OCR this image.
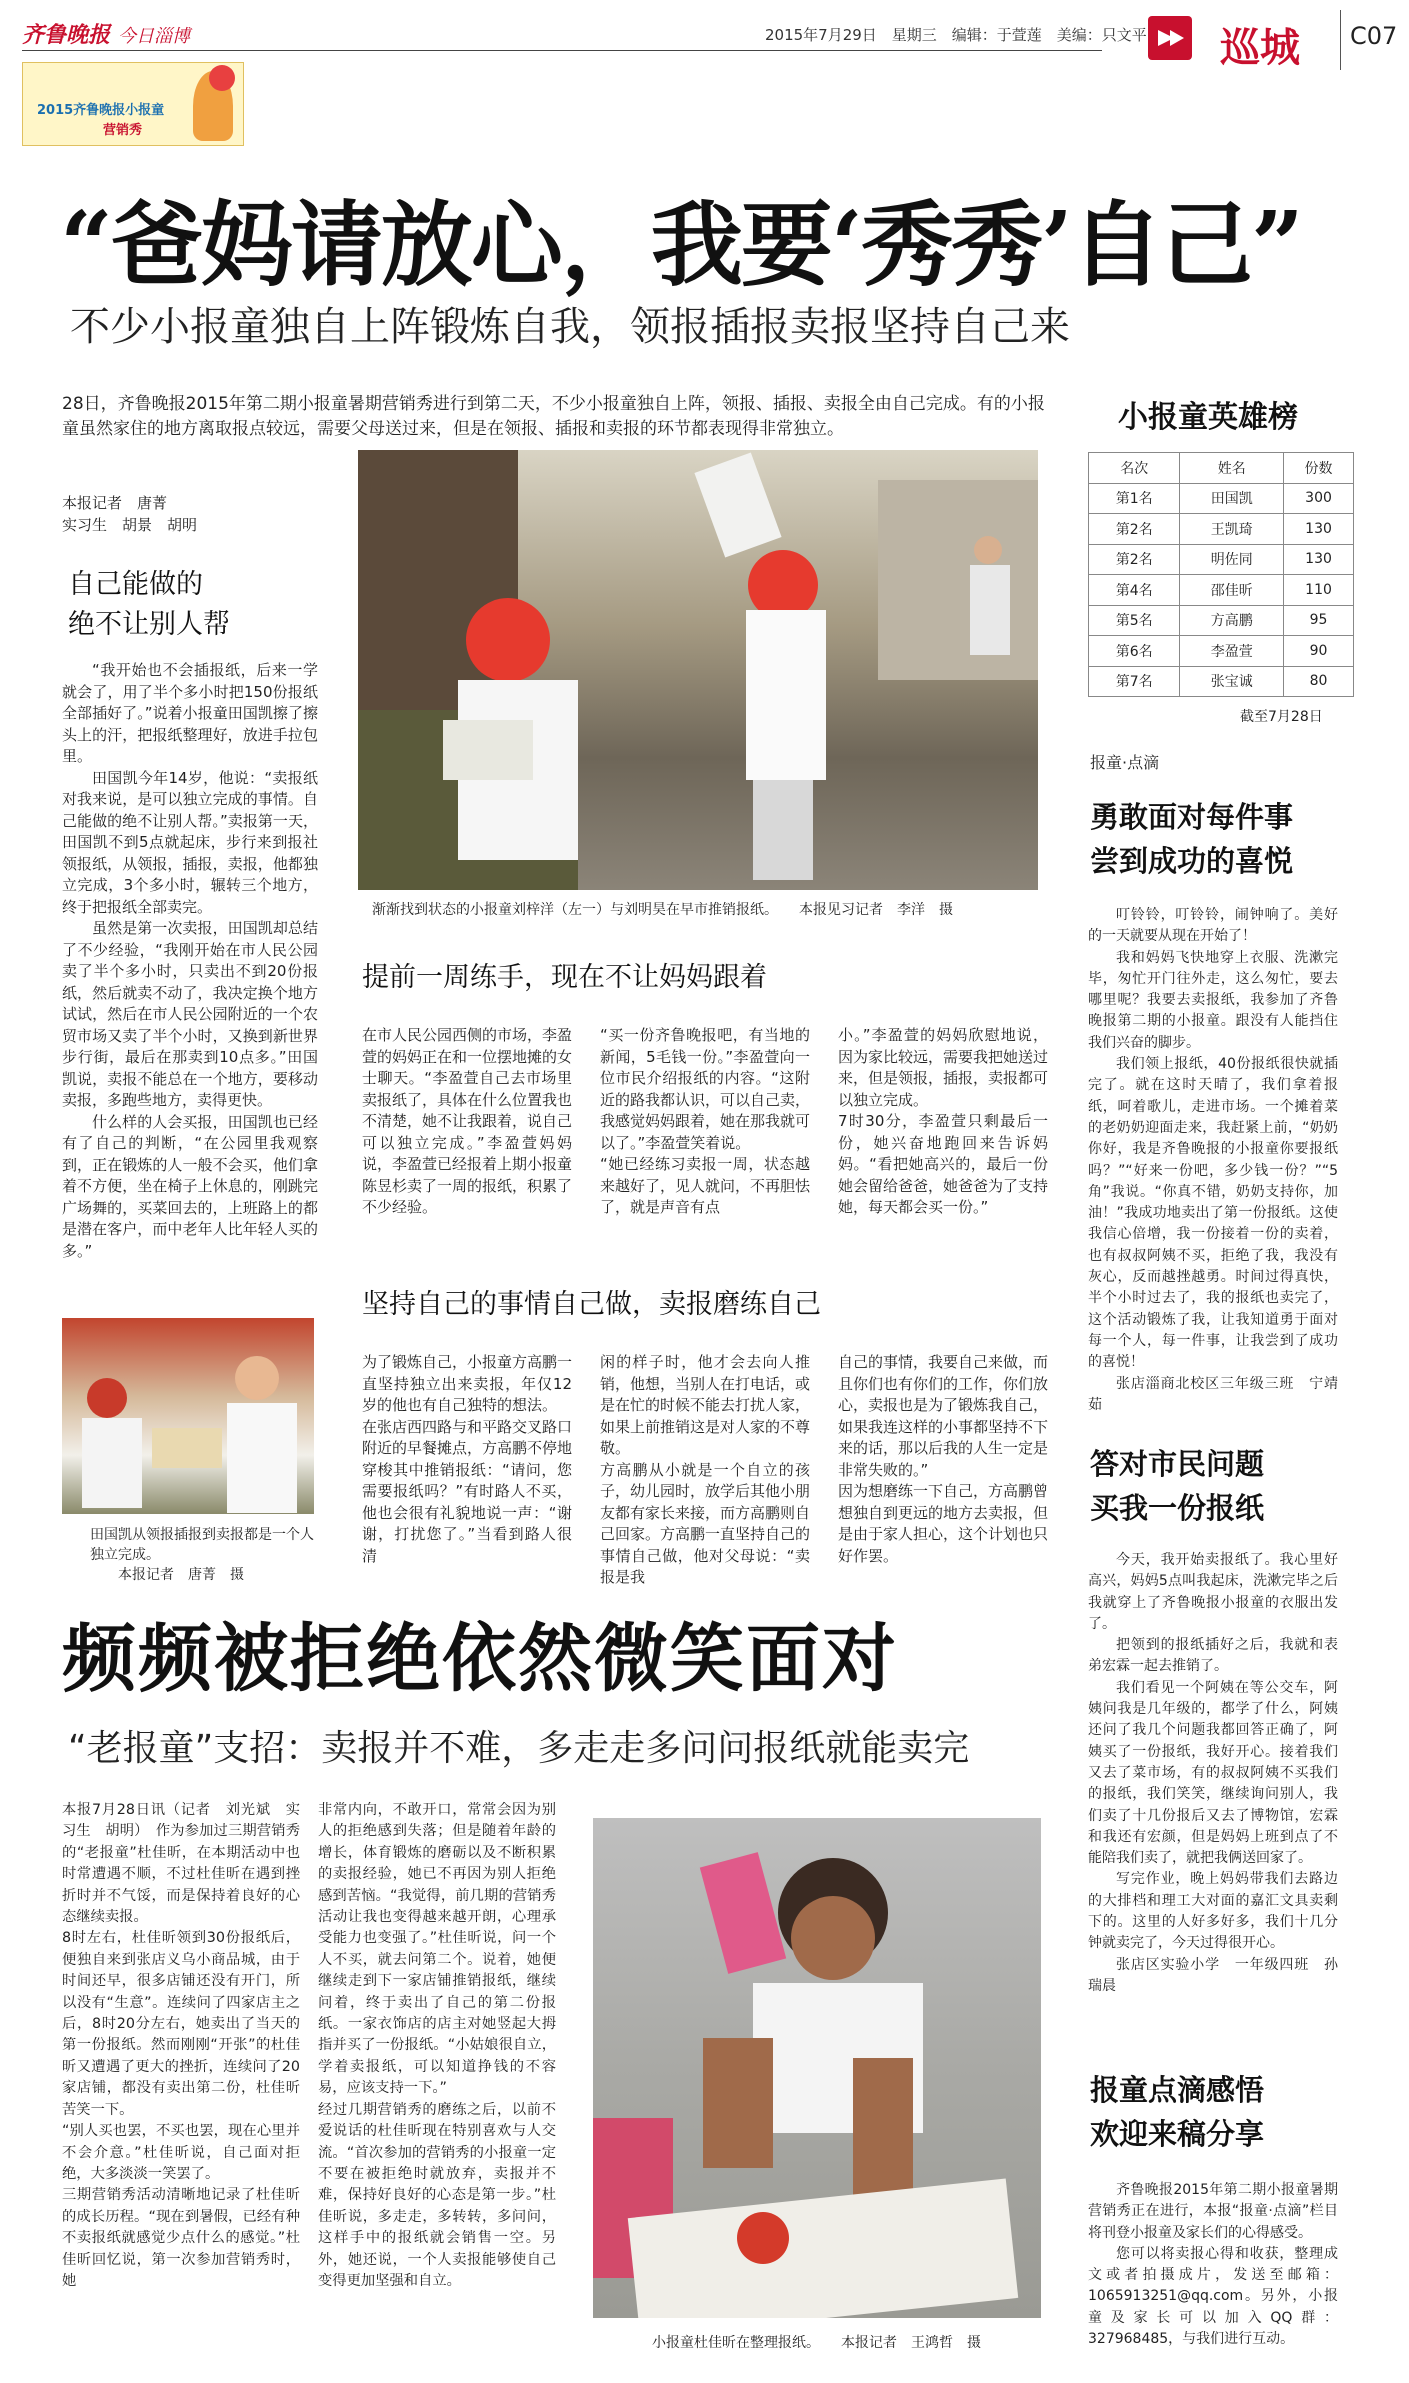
齐鲁晚报 今日淄博	2015年7月29日　星期三　编辑：于萱莲　美编：只文平 巡城 C07
2015齐鲁晚报小报童
营销秀
“爸妈请放心，我要‘秀秀’自己”
不少小报童独自上阵锻炼自我，领报插报卖报坚持自己来
28日，齐鲁晚报2015年第二期小报童暑期营销秀进行到第二天，不少小报童独自上阵，领报、插报、卖报全由自己完成。有的小报童虽然家住的地方离取报点较远，需要父母送过来，但是在领报、插报和卖报的环节都表现得非常独立。
本报记者　唐菁
实习生　胡景　胡明
自己能做的
绝不让别人帮

“我开始也不会插报纸，后来一学就会了，用了半个多小时把150份报纸全部插好了。”说着小报童田国凯擦了擦头上的汗，把报纸整理好，放进手拉包里。

田国凯今年14岁，他说：“卖报纸对我来说，是可以独立完成的事情。自己能做的绝不让别人帮。”卖报第一天，田国凯不到5点就起床，步行来到报社领报纸，从领报，插报，卖报，他都独立完成，3个多小时，辗转三个地方，终于把报纸全部卖完。

虽然是第一次卖报，田国凯却总结了不少经验，“我刚开始在市人民公园卖了半个多小时，只卖出不到20份报纸，然后就卖不动了，我决定换个地方试试，然后在市人民公园附近的一个农贸市场又卖了半个小时，又换到新世界步行街，最后在那卖到10点多。”田国凯说，卖报不能总在一个地方，要移动卖报，多跑些地方，卖得更快。

什么样的人会买报，田国凯也已经有了自己的判断，“在公园里我观察到，正在锻炼的人一般不会买，他们拿着不方便，坐在椅子上休息的，刚跳完广场舞的，买菜回去的，上班路上的都是潜在客户，而中老年人比年轻人买的多。”

田国凯从领报插报到卖报都是一个人独立完成。
　　本报记者　唐菁　摄
渐渐找到状态的小报童刘梓洋（左一）与刘明昊在早市推销报纸。　　本报见习记者　李洋　摄
提前一周练手，现在不让妈妈跟着
在市人民公园西侧的市场，李盈萱的妈妈正在和一位摆地摊的女士聊天。“李盈萱自己去市场里卖报纸了，具体在什么位置我也不清楚，她不让我跟着，说自己可以独立完成。”李盈萱妈妈说，李盈萱已经报着上期小报童陈昱杉卖了一周的报纸，积累了不少经验。
“买一份齐鲁晚报吧，有当地的新闻，5毛钱一份。”李盈萱向一位市民介绍报纸的内容。“这附近的路我都认识，可以自己卖，我感觉妈妈跟着，她在那我就可以了。”李盈萱笑着说。
“她已经练习卖报一周，状态越来越好了，见人就问，不再胆怯了，就是声音有点
小。”李盈萱的妈妈欣慰地说，因为家比较远，需要我把她送过来，但是领报，插报，卖报都可以独立完成。
7时30分，李盈萱只剩最后一份，她兴奋地跑回来告诉妈妈。“看把她高兴的，最后一份她会留给爸爸，她爸爸为了支持她，每天都会买一份。”
坚持自己的事情自己做，卖报磨练自己
为了锻炼自己，小报童方高鹏一直坚持独立出来卖报，年仅12岁的他也有自己独特的想法。
在张店西四路与和平路交叉路口附近的早餐摊点，方高鹏不停地穿梭其中推销报纸：“请问，您需要报纸吗？”有时路人不买，他也会很有礼貌地说一声：“谢谢，打扰您了。”当看到路人很清
闲的样子时，他才会去向人推销，他想，当别人在打电话，或是在忙的时候不能去打扰人家，如果上前推销这是对人家的不尊敬。
方高鹏从小就是一个自立的孩子，幼儿园时，放学后其他小朋友都有家长来接，而方高鹏则自己回家。方高鹏一直坚持自己的事情自己做，他对父母说：“卖报是我
自己的事情，我要自己来做，而且你们也有你们的工作，你们放心，卖报也是为了锻炼我自己，如果我连这样的小事都坚持不下来的话，那以后我的人生一定是非常失败的。”
因为想磨练一下自己，方高鹏曾想独自到更远的地方去卖报，但是由于家人担心，这个计划也只好作罢。
频频被拒绝依然微笑面对
“老报童”支招：卖报并不难，多走走多问问报纸就能卖完
本报7月28日讯（记者　刘光斌　实习生　胡明）　作为参加过三期营销秀的“老报童”杜佳昕，在本期活动中也时常遭遇不顺，不过杜佳昕在遇到挫折时并不气馁，而是保持着良好的心态继续卖报。
8时左右，杜佳昕领到30份报纸后，便独自来到张店义乌小商品城，由于时间还早，很多店铺还没有开门，所以没有“生意”。连续问了四家店主之后，8时20分左右，她卖出了当天的第一份报纸。然而刚刚“开张”的杜佳昕又遭遇了更大的挫折，连续问了20家店铺，都没有卖出第二份，杜佳昕苦笑一下。
“别人买也罢，不买也罢，现在心里并不会介意。”杜佳昕说，自己面对拒绝，大多淡淡一笑罢了。
三期营销秀活动清晰地记录了杜佳昕的成长历程。“现在到暑假，已经有种不卖报纸就感觉少点什么的感觉。”杜佳昕回忆说，第一次参加营销秀时，她
非常内向，不敢开口，常常会因为别人的拒绝感到失落；但是随着年龄的增长，体育锻炼的磨砺以及不断积累的卖报经验，她已不再因为别人拒绝感到苦恼。“我觉得，前几期的营销秀活动让我也变得越来越开朗，心理承受能力也变强了。”杜佳昕说，问一个人不买，就去问第二个。说着，她便继续走到下一家店铺推销报纸，继续问着，终于卖出了自己的第二份报纸。一家衣饰店的店主对她竖起大拇指并买了一份报纸。“小姑娘很自立，学着卖报纸，可以知道挣钱的不容易，应该支持一下。”
经过几期营销秀的磨练之后，以前不爱说话的杜佳昕现在特别喜欢与人交流。“首次参加的营销秀的小报童一定不要在被拒绝时就放弃，卖报并不难，保持好良好的心态是第一步。”杜佳昕说，多走走，多转转，多问问，这样手中的报纸就会销售一空。另外，她还说，一个人卖报能够使自己变得更加坚强和自立。
小报童杜佳昕在整理报纸。　　本报记者　王鸿哲　摄
小报童英雄榜
名次	姓名	份数
第1名	田国凯	300
第2名	王凯琦	130
第2名	明佐同	130
第4名	邵佳昕	110
第5名	方高鹏	95
第6名	李盈萱	90
第7名	张宝诚	80
截至7月28日
报童·点滴
勇敢面对每件事
尝到成功的喜悦

叮铃铃，叮铃铃，闹钟响了。美好的一天就要从现在开始了！

我和妈妈飞快地穿上衣服、洗漱完毕，匆忙开门往外走，这么匆忙，要去哪里呢？我要去卖报纸，我参加了齐鲁晚报第二期的小报童。跟没有人能挡住我们兴奋的脚步。

我们领上报纸，40份报纸很快就插完了。就在这时天晴了，我们拿着报纸，呵着歌儿，走进市场。一个摊着菜的老奶奶迎面走来，我赶紧上前，“奶奶你好，我是齐鲁晚报的小报童你要报纸吗？”“好来一份吧，多少钱一份？”“5角”我说。“你真不错，奶奶支持你，加油！”我成功地卖出了第一份报纸。这使我信心倍增，我一份接着一份的卖着，也有叔叔阿姨不买，拒绝了我，我没有灰心，反而越挫越勇。时间过得真快，半个小时过去了，我的报纸也卖完了，这个活动锻炼了我，让我知道勇于面对每一个人，每一件事，让我尝到了成功的喜悦！

张店淄商北校区三年级三班　宁靖茹

答对市民问题
买我一份报纸

今天，我开始卖报纸了。我心里好高兴，妈妈5点叫我起床，洗漱完毕之后我就穿上了齐鲁晚报小报童的衣服出发了。

把领到的报纸插好之后，我就和表弟宏霖一起去推销了。

我们看见一个阿姨在等公交车，阿姨问我是几年级的，都学了什么，阿姨还问了我几个问题我都回答正确了，阿姨买了一份报纸，我好开心。接着我们又去了菜市场，有的叔叔阿姨不买我们的报纸，我们笑笑，继续询问别人，我们卖了十几份报后又去了博物馆，宏霖和我还有宏颜，但是妈妈上班到点了不能陪我们卖了，就把我俩送回家了。

写完作业，晚上妈妈带我们去路边的大排档和理工大对面的嘉汇文具卖剩下的。这里的人好多好多，我们十几分钟就卖完了，今天过得很开心。

张店区实验小学　一年级四班　孙瑞晨

报童点滴感悟
欢迎来稿分享

齐鲁晚报2015年第二期小报童暑期营销秀正在进行，本报“报童·点滴”栏目将刊登小报童及家长们的心得感受。

您可以将卖报心得和收获，整理成文或者拍摄成片，发送至邮箱：1065913251@qq.com。另外，小报童及家长可以加入QQ群：327968485，与我们进行互动。
